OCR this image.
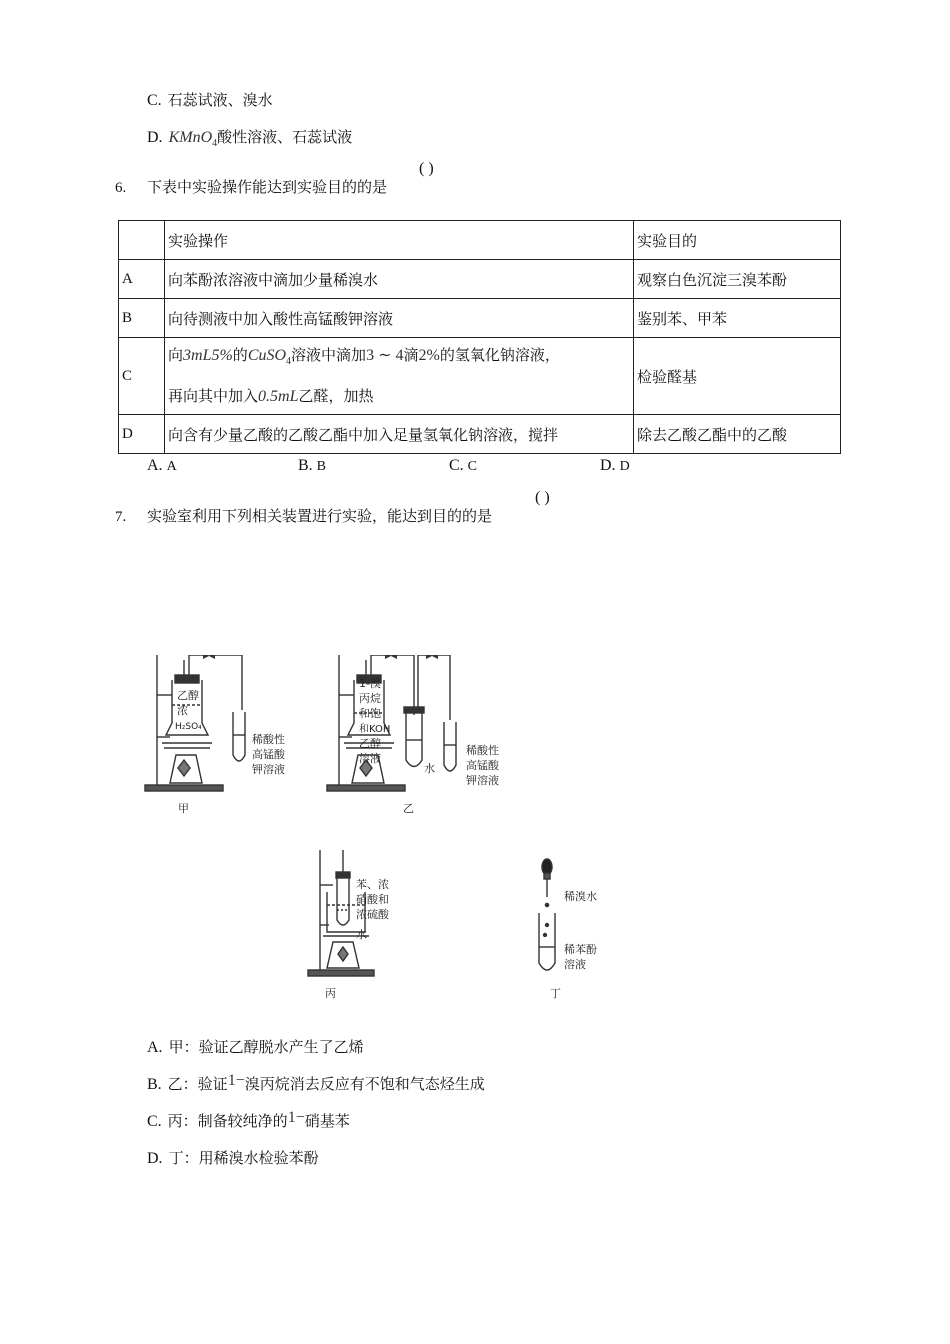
C. 石蕊试液、溴水
D. KMnO$_4$酸性溶液、石蕊试液
6. 下表中实验操作能达到实验目的的是
( )
	实验操作	实验目的
A	向苯酚浓溶液中滴加少量稀溴水	观察白色沉淀三溴苯酚
B	向待测液中加入酸性高锰酸钾溶液	鉴别苯、甲苯
C	向3mL5%的CuSO$_4$溶液中滴加3 ∼ 4滴2%的氢氧化钠溶液，
再向其中加入0.5mL乙醛，加热	检验醛基
D	向含有少量乙酸的乙酸乙酯中加入足量氢氧化钠溶液，搅拌	除去乙酸乙酯中的乙酸
A. A	B. B	C. C	D. D
7. 实验室利用下列相关装置进行实验，能达到目的的是
( )
乙醇
浓
H₂SO₄
稀酸性
高锰酸
钾溶液
甲
1-溴
丙烷
和饱
和KOH
乙醇
溶液
水
稀酸性
高锰酸
钾溶液
乙
苯、浓
硝酸和
浓硫酸
水
丙
稀溴水
稀苯酚
溶液
丁
A. 甲：验证乙醇脱水产生了乙烯
B. 乙：验证1−溴丙烷消去反应有不饱和气态烃生成
C. 丙：制备较纯净的1−硝基苯
D. 丁：用稀溴水检验苯酚
